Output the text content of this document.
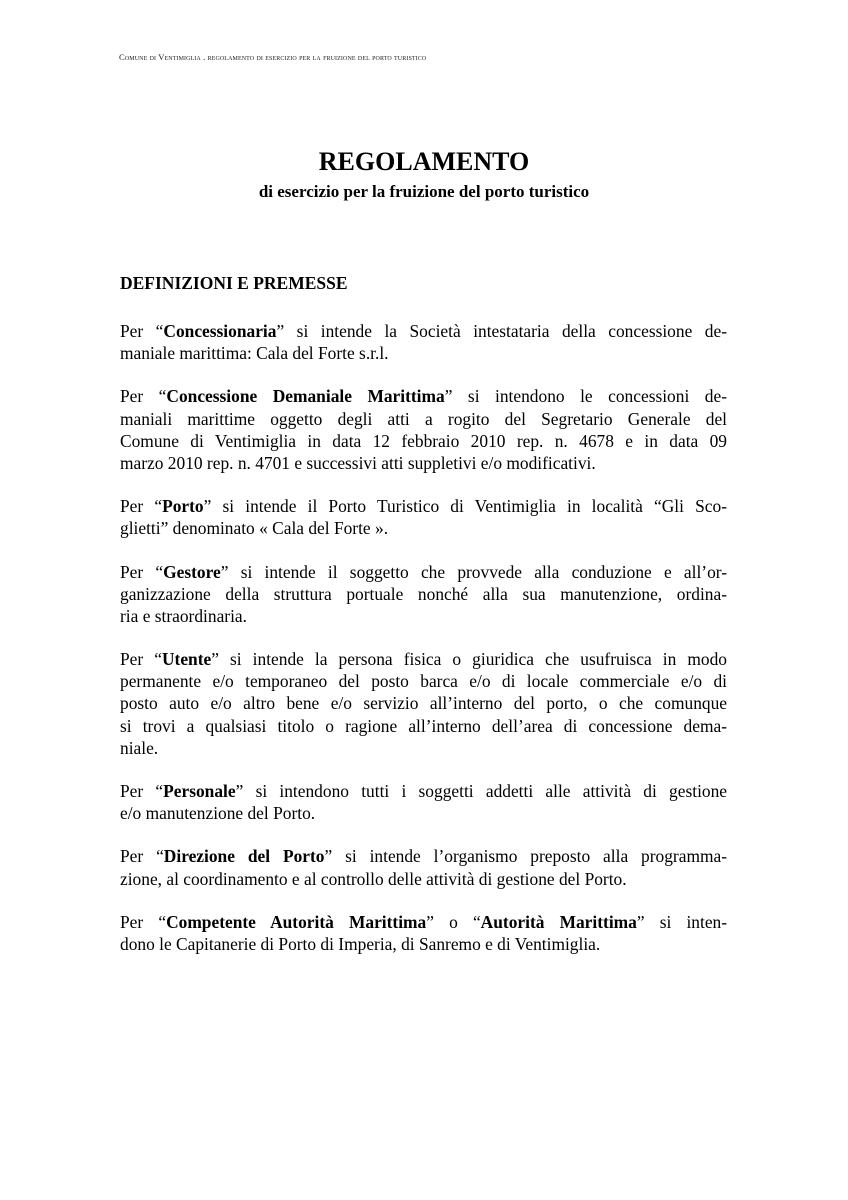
Comune di Ventimiglia . regolamento di esercizio per la fruizione del porto turistico
REGOLAMENTO
di esercizio per la fruizione del porto turistico
DEFINIZIONI E PREMESSE

Per “Concessionaria” si intende la Società intestataria della concessione de-
maniale marittima: Cala del Forte s.r.l.

Per “Concessione Demaniale Marittima” si intendono le concessioni de-
maniali marittime oggetto degli atti a rogito del Segretario Generale del
Comune di Ventimiglia in data 12 febbraio 2010 rep. n. 4678 e in data 09
marzo 2010 rep. n. 4701 e successivi atti suppletivi e/o modificativi.

Per “Porto” si intende il Porto Turistico di Ventimiglia in località “Gli Sco-
glietti” denominato « Cala del Forte ».

Per “Gestore” si intende il soggetto che provvede alla conduzione e all’or-
ganizzazione della struttura portuale nonché alla sua manutenzione, ordina-
ria e straordinaria.

Per “Utente” si intende la persona fisica o giuridica che usufruisca in modo
permanente e/o temporaneo del posto barca e/o di locale commerciale e/o di
posto auto e/o altro bene e/o servizio all’interno del porto, o che comunque
si trovi a qualsiasi titolo o ragione all’interno dell’area di concessione dema-
niale.

Per “Personale” si intendono tutti i soggetti addetti alle attività di gestione
e/o manutenzione del Porto.

Per “Direzione del Porto” si intende l’organismo preposto alla programma-
zione, al coordinamento e al controllo delle attività di gestione del Porto.

Per “Competente Autorità Marittima” o “Autorità Marittima” si inten-
dono le Capitanerie di Porto di Imperia, di Sanremo e di Ventimiglia.
